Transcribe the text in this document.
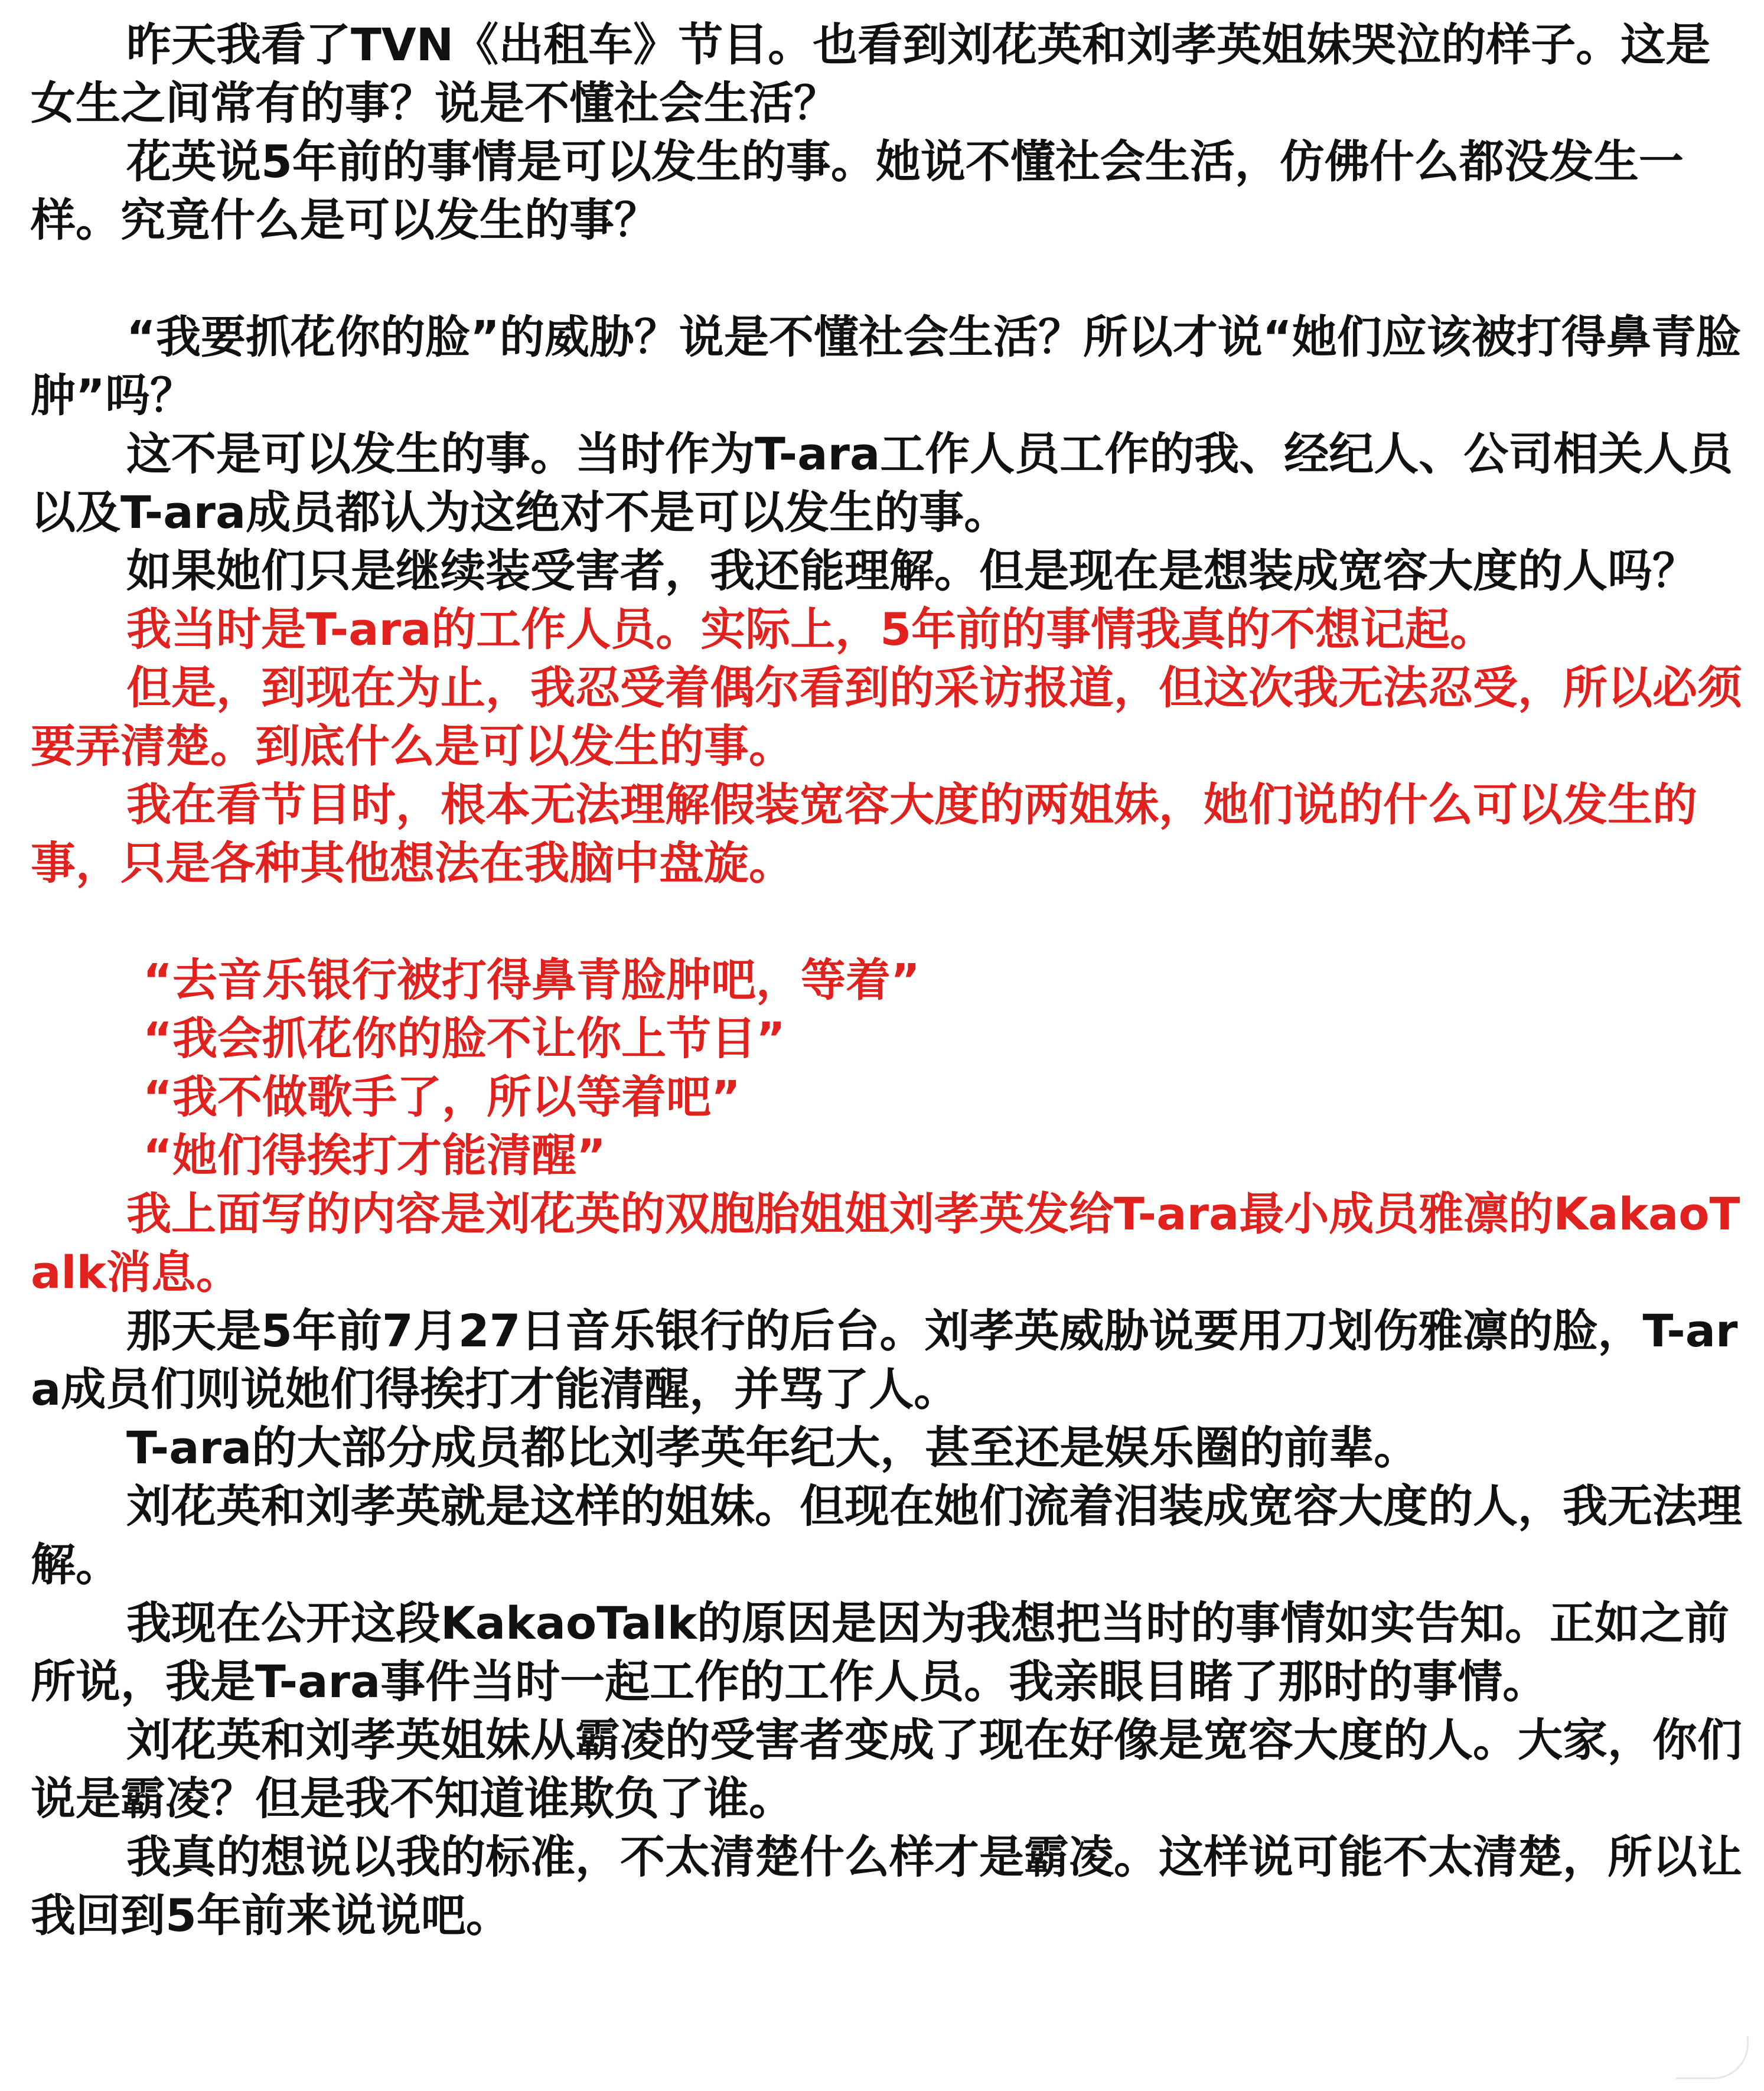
昨天我看了TVN《出租车》节目。也看到刘花英和刘孝英姐妹哭泣的样子。这是女生之间常有的事？说是不懂社会生活？

花英说5年前的事情是可以发生的事。她说不懂社会生活，仿佛什么都没发生一样。究竟什么是可以发生的事？

“我要抓花你的脸”的威胁？说是不懂社会生活？所以才说“她们应该被打得鼻青脸肿”吗？

这不是可以发生的事。当时作为T-ara工作人员工作的我、经纪人、公司相关人员以及T-ara成员都认为这绝对不是可以发生的事。

如果她们只是继续装受害者，我还能理解。但是现在是想装成宽容大度的人吗？

我当时是T-ara的工作人员。实际上，5年前的事情我真的不想记起。

但是，到现在为止，我忍受着偶尔看到的采访报道，但这次我无法忍受，所以必须要弄清楚。到底什么是可以发生的事。

我在看节目时，根本无法理解假装宽容大度的两姐妹，她们说的什么可以发生的事，只是各种其他想法在我脑中盘旋。

“去音乐银行被打得鼻青脸肿吧，等着”

“我会抓花你的脸不让你上节目”

“我不做歌手了，所以等着吧”

“她们得挨打才能清醒”

我上面写的内容是刘花英的双胞胎姐姐刘孝英发给T-ara最小成员雅凛的KakaoTalk消息。

那天是5年前7月27日音乐银行的后台。刘孝英威胁说要用刀划伤雅凛的脸，T-ara成员们则说她们得挨打才能清醒，并骂了人。

T-ara的大部分成员都比刘孝英年纪大，甚至还是娱乐圈的前辈。

刘花英和刘孝英就是这样的姐妹。但现在她们流着泪装成宽容大度的人，我无法理解。

我现在公开这段KakaoTalk的原因是因为我想把当时的事情如实告知。正如之前所说，我是T-ara事件当时一起工作的工作人员。我亲眼目睹了那时的事情。

刘花英和刘孝英姐妹从霸凌的受害者变成了现在好像是宽容大度的人。大家，你们说是霸凌？但是我不知道谁欺负了谁。

我真的想说以我的标准，不太清楚什么样才是霸凌。这样说可能不太清楚，所以让我回到5年前来说说吧。
